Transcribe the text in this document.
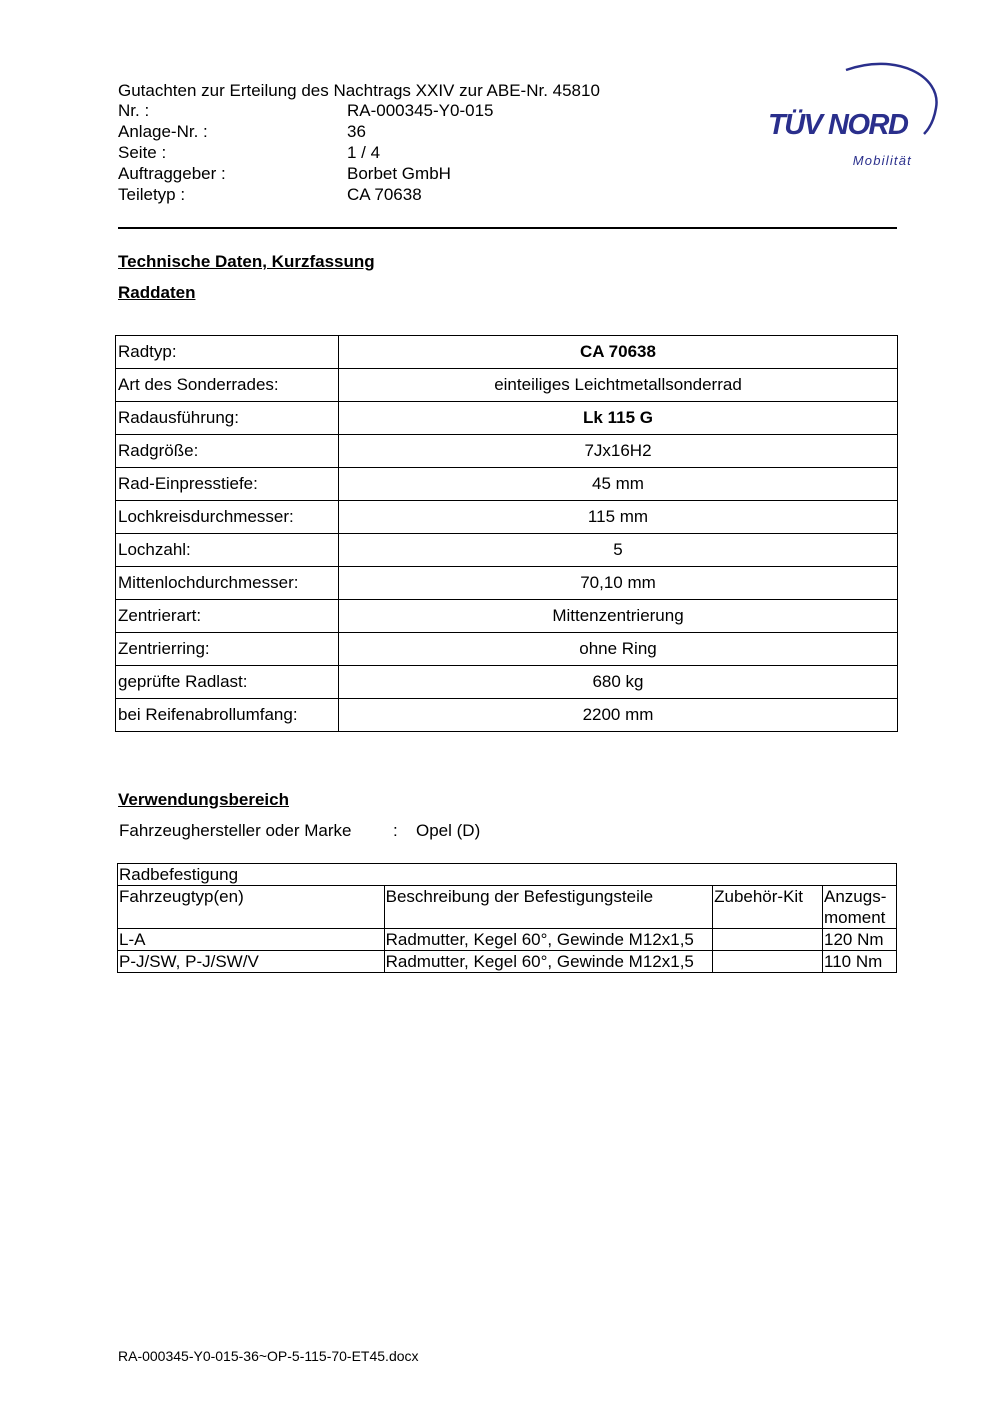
Gutachten zur Erteilung des Nachtrags XXIV zur ABE-Nr. 45810
Nr. :	RA-000345-Y0-015
Anlage-Nr. :	36
Seite :	1 / 4
Auftraggeber :	Borbet GmbH
Teiletyp :	CA 70638
TÜV NORD
Mobilität
Technische Daten, Kurzfassung
Raddaten
Radtyp:	CA 70638
Art des Sonderrades:	einteiliges Leichtmetallsonderrad
Radausführung:	Lk 115 G
Radgröße:	7Jx16H2
Rad-Einpresstiefe:	45 mm
Lochkreisdurchmesser:	115 mm
Lochzahl:	5
Mittenlochdurchmesser:	70,10 mm
Zentrierart:	Mittenzentrierung
Zentrierring:	ohne Ring
geprüfte Radlast:	680 kg
bei Reifenabrollumfang:	2200 mm
Verwendungsbereich
Fahrzeughersteller oder Marke : Opel (D)
Radbefestigung			
Fahrzeugtyp(en)	Beschreibung der Befestigungsteile	Zubehör-Kit	Anzugs-
moment
L-A	Radmutter, Kegel 60°, Gewinde M12x1,5		120 Nm
P-J/SW, P-J/SW/V	Radmutter, Kegel 60°, Gewinde M12x1,5		110 Nm
RA-000345-Y0-015-36~OP-5-115-70-ET45.docx
